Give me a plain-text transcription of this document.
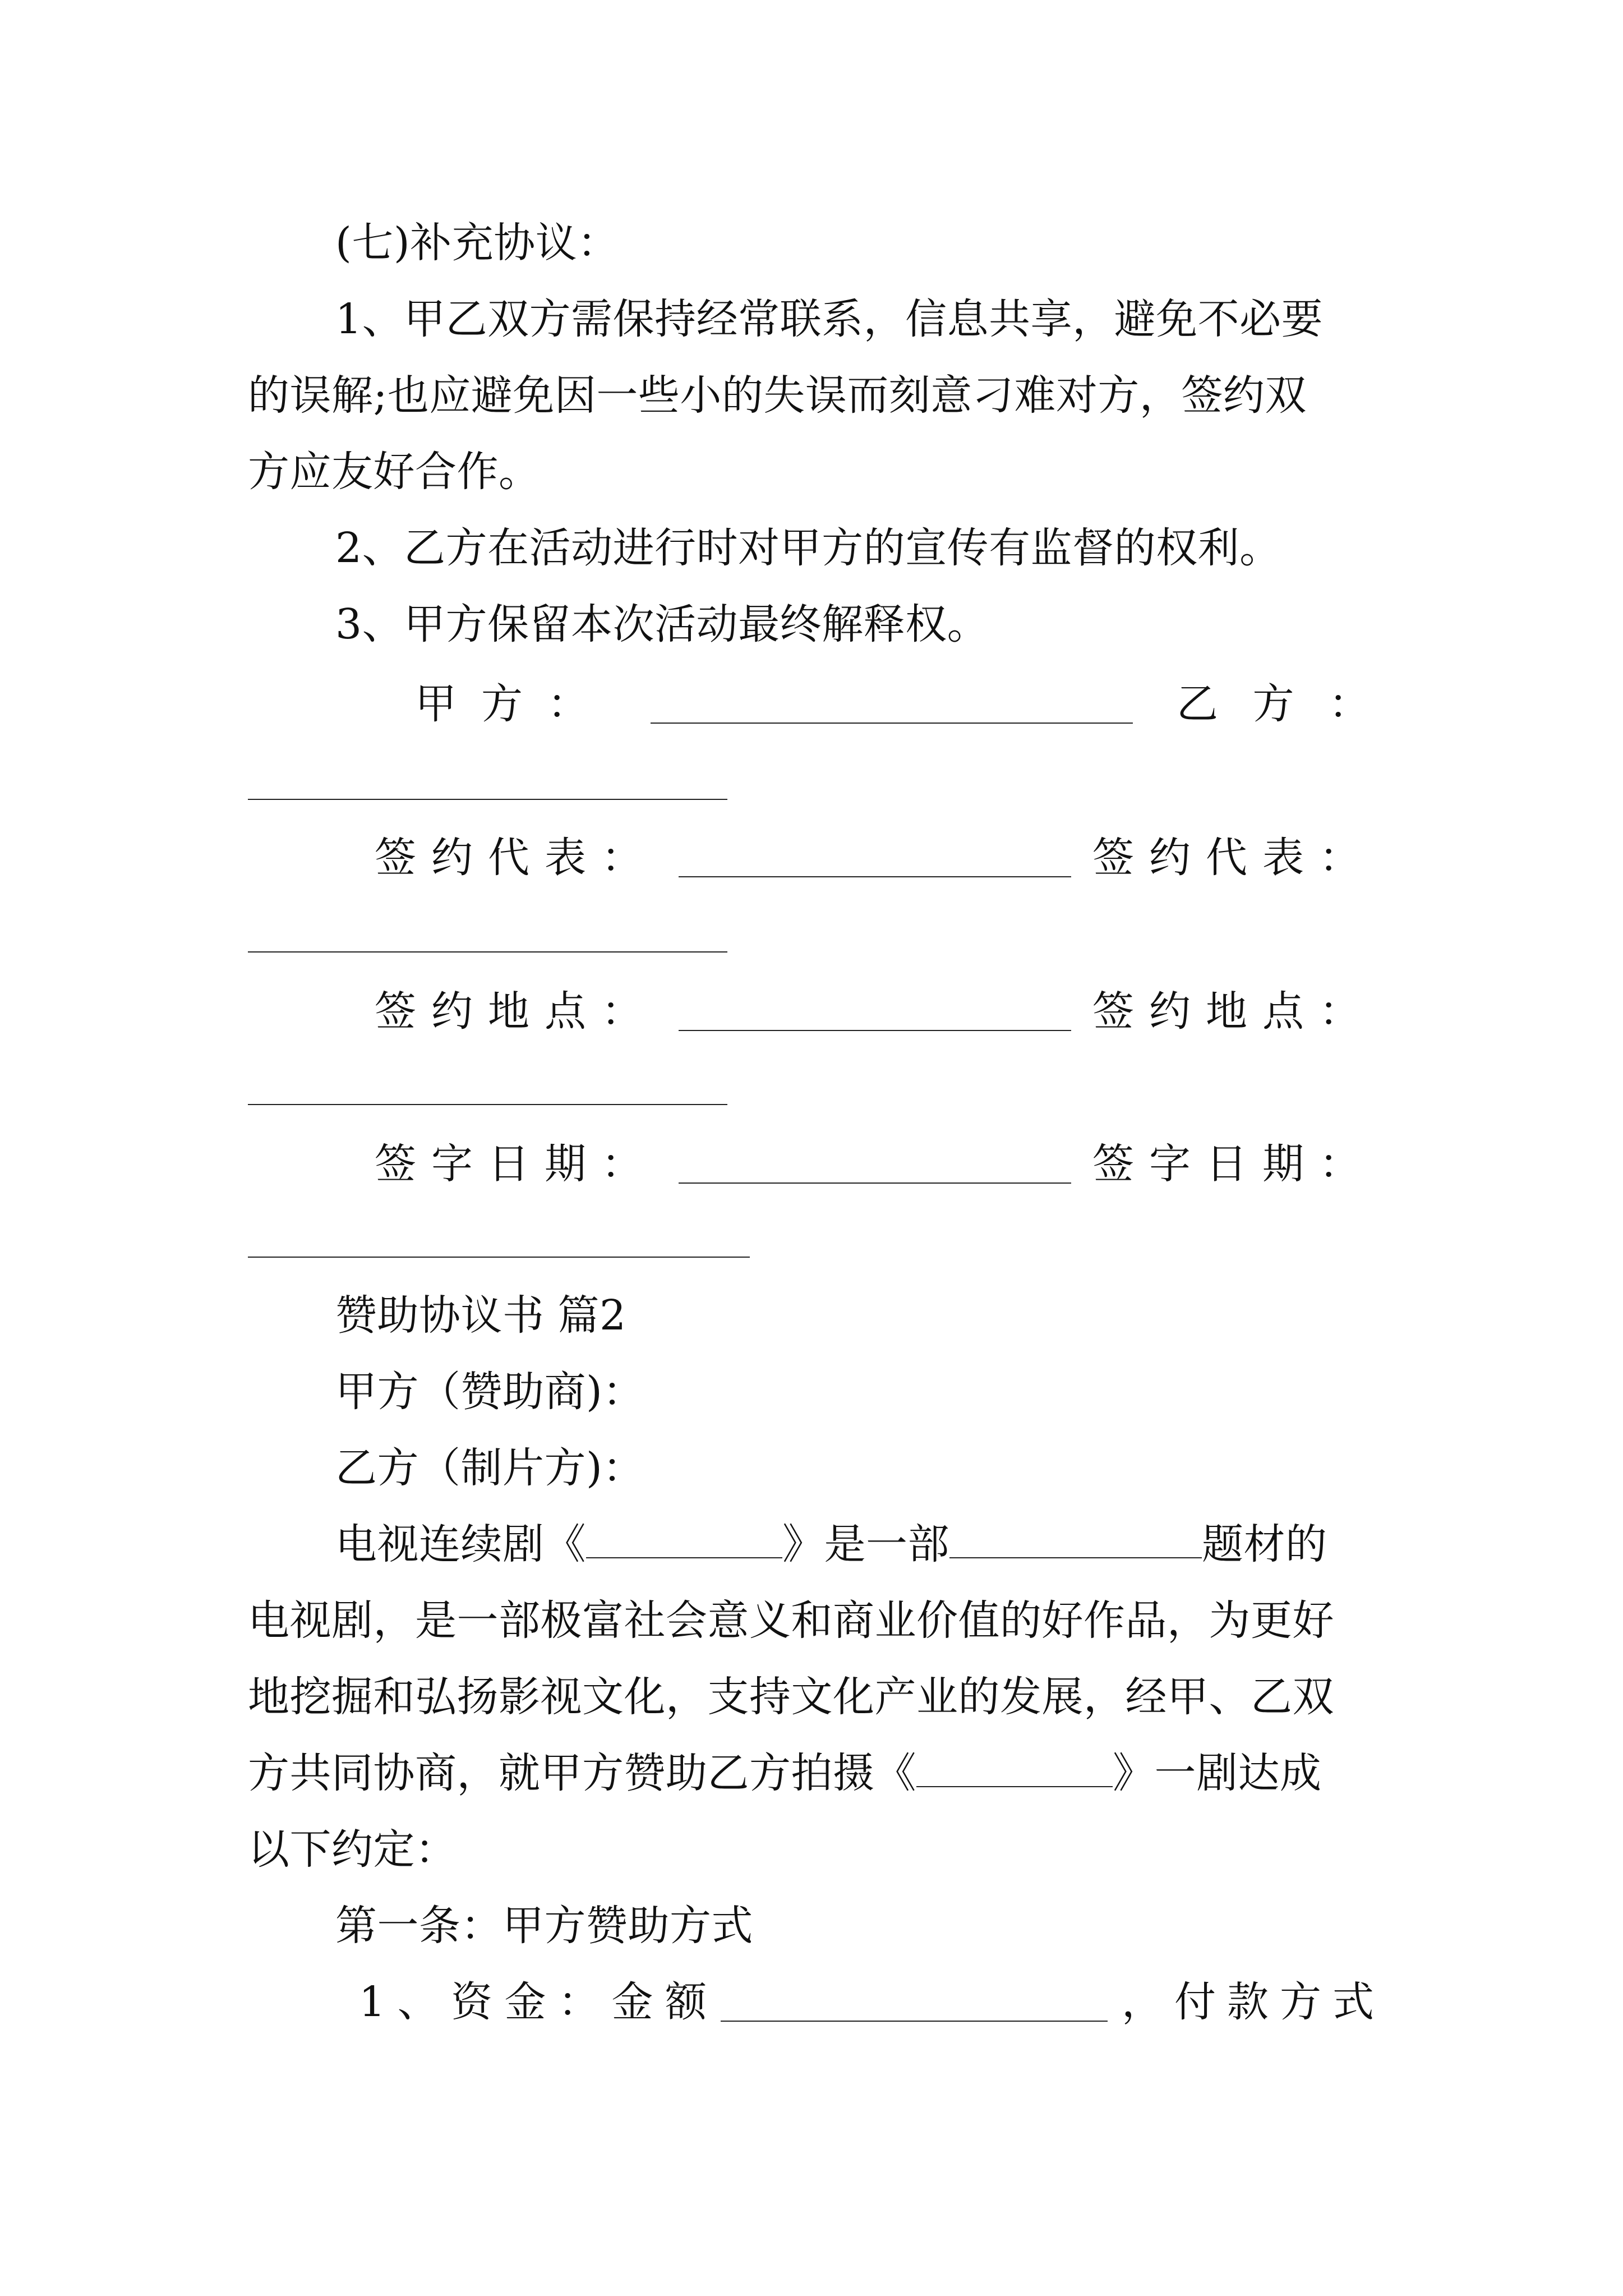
(七)补充协议：
1、甲乙双方需保持经常联系，信息共享，避免不必要
的误解;也应避免因一些小的失误而刻意刁难对方，签约双
方应友好合作。
2、乙方在活动进行时对甲方的宣传有监督的权利。
3、甲方保留本次活动最终解释权。
甲 方 ：	乙 方 ：
签 约 代 表 ：	签 约 代 表 ：
签 约 地 点 ：	签 约 地 点 ：
签 字 日 期 ：	签 字 日 期 ：
赞助协议书 篇2
甲方（赞助商)：
乙方（制片方)：
电视连续剧《	》是一部	题材的
电视剧，是一部极富社会意义和商业价值的好作品，为更好
地挖掘和弘扬影视文化，支持文化产业的发展，经甲、乙双
方共同协商，就甲方赞助乙方拍摄《	》一剧达成
以下约定：
第一条：甲方赞助方式
1 、 资 金 ： 金 额	， 付 款 方 式
